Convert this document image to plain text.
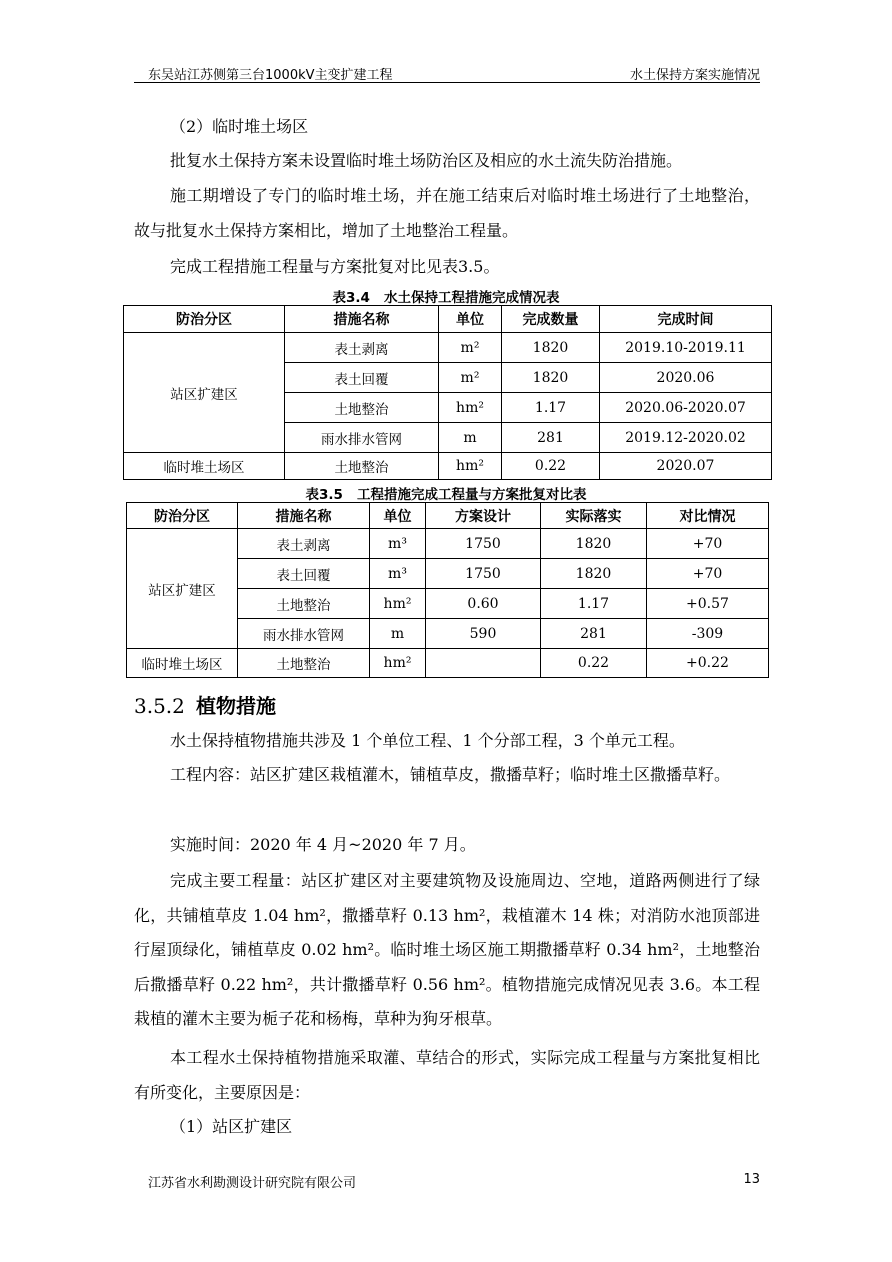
东吴站江苏侧第三台1000kV主变扩建工程	水土保持方案实施情况

（2）临时堆土场区

批复水土保持方案未设置临时堆土场防治区及相应的水土流失防治措施。

施工期增设了专门的临时堆土场，并在施工结束后对临时堆土场进行了土地整治，故与批复水土保持方案相比，增加了土地整治工程量。

完成工程措施工程量与方案批复对比见表3.5。

表3.4   水土保持工程措施完成情况表
防治分区	措施名称	单位	完成数量	完成时间
站区扩建区	表土剥离	m²	1820	2019.10-2019.11
	表土回覆	m²	1820	2020.06
	土地整治	hm²	1.17	2020.06-2020.07
	雨水排水管网	m	281	2019.12-2020.02
临时堆土场区	土地整治	hm²	0.22	2020.07
表3.5   工程措施完成工程量与方案批复对比表
防治分区	措施名称	单位	方案设计	实际落实	对比情况
站区扩建区	表土剥离	m³	1750	1820	+70
	表土回覆	m³	1750	1820	+70
	土地整治	hm²	0.60	1.17	+0.57
	雨水排水管网	m	590	281	-309
临时堆土场区	土地整治	hm²		0.22	+0.22
3.5.2 植物措施

水土保持植物措施共涉及 1 个单位工程、1 个分部工程，3 个单元工程。

工程内容：站区扩建区栽植灌木，铺植草皮，撒播草籽；临时堆土区撒播草籽。

实施时间：2020 年 4 月~2020 年 7 月。

完成主要工程量：站区扩建区对主要建筑物及设施周边、空地，道路两侧进行了绿化，共铺植草皮 1.04 hm²，撒播草籽 0.13 hm²，栽植灌木 14 株；对消防水池顶部进行屋顶绿化，铺植草皮 0.02 hm²。临时堆土场区施工期撒播草籽 0.34 hm²，土地整治后撒播草籽 0.22 hm²，共计撒播草籽 0.56 hm²。植物措施完成情况见表 3.6。本工程栽植的灌木主要为栀子花和杨梅，草种为狗牙根草。

本工程水土保持植物措施采取灌、草结合的形式，实际完成工程量与方案批复相比有所变化，主要原因是：

（1）站区扩建区

江苏省水利勘测设计研究院有限公司	13
